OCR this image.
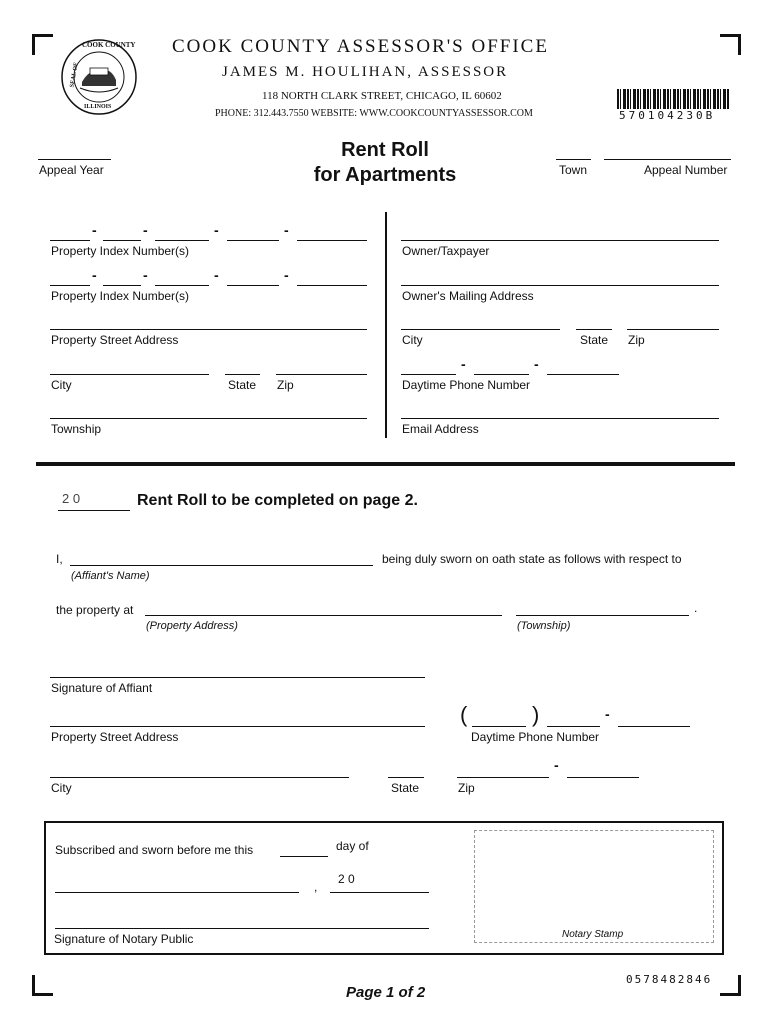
COOK COUNTY
SEAL OF
ILLINOIS
COOK COUNTY ASSESSOR'S OFFICE
JAMES M. HOULIHAN, ASSESSOR
118 NORTH CLARK STREET, CHICAGO, IL 60602
PHONE: 312.443.7550 WEBSITE: WWW.COOKCOUNTYASSESSOR.COM	570104230B
Rent Roll
for Apartments
Appeal Year	Town	Appeal Number
-	-	-	-
Property Index Number(s)
-	-	-	-
Property Index Number(s)
Property Street Address
City	State Zip
Township
Owner/Taxpayer
Owner's Mailing Address
City	State Zip
-	-
Daytime Phone Number
Email Address
2 0	Rent Roll to be completed on page 2.
I,	being duly sworn on oath state as follows with respect to
(Affiant's Name)
the property at
(Property Address)	(Township)
.
Signature of Affiant
Property Street Address
(	)	-
Daytime Phone Number
City	State
-
Zip
Subscribed and sworn before me this	day of
,
2 0
Signature of Notary Public	Notary Stamp
0578482846
Page 1 of 2
